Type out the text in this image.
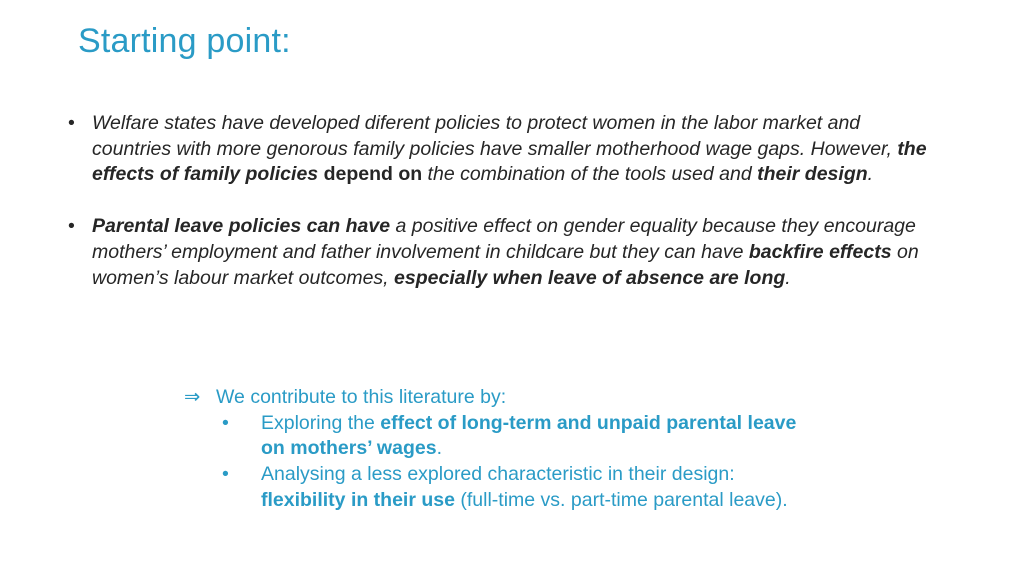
Starting point:
• Welfare states have developed diferent policies to protect women in the labor market and countries with more genorous family policies have smaller motherhood wage gaps. However, the effects of family policies depend on the combination of the tools used and their design.
• Parental leave policies can have a positive effect on gender equality because they encourage mothers’ employment and father involvement in childcare but they can have backfire effects on women’s labour market outcomes, especially when leave of absence are long.
⇒ We contribute to this literature by:
• Exploring the effect of long-term and unpaid parental leave on mothers’ wages.
• Analysing a less explored characteristic in their design: flexibility in their use (full-time vs. part-time parental leave).
